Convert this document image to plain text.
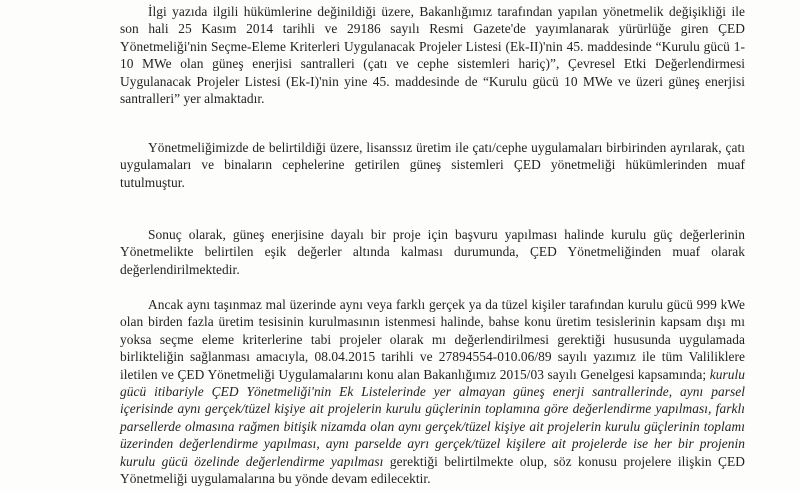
İlgi yazıda ilgili hükümlerine değinildiği üzere, Bakanlığımız tarafından yapılan yönetmelik değişikliği ile son hali 25 Kasım 2014 tarihli ve 29186 sayılı Resmi Gazete'de yayımlanarak yürürlüğe giren ÇED Yönetmeliği'nin Seçme-Eleme Kriterleri Uygulanacak Projeler Listesi (Ek-II)'nin 45. maddesinde “Kurulu gücü 1-10 MWe olan güneş enerjisi santralleri (çatı ve cephe sistemleri hariç)”, Çevresel Etki Değerlendirmesi Uygulanacak Projeler Listesi (Ek-I)'nin yine 45. maddesinde de “Kurulu gücü 10 MWe ve üzeri güneş enerjisi santralleri” yer almaktadır.

Yönetmeliğimizde de belirtildiği üzere, lisanssız üretim ile çatı/cephe uygulamaları birbirinden ayrılarak, çatı uygulamaları ve binaların cephelerine getirilen güneş sistemleri ÇED yönetmeliği hükümlerinden muaf tutulmuştur.

Sonuç olarak, güneş enerjisine dayalı bir proje için başvuru yapılması halinde kurulu güç değerlerinin Yönetmelikte belirtilen eşik değerler altında kalması durumunda, ÇED Yönetmeliğinden muaf olarak değerlendirilmektedir.

Ancak aynı taşınmaz mal üzerinde aynı veya farklı gerçek ya da tüzel kişiler tarafından kurulu gücü 999 kWe olan birden fazla üretim tesisinin kurulmasının istenmesi halinde, bahse konu üretim tesislerinin kapsam dışı mı yoksa seçme eleme kriterlerine tabi projeler olarak mı değerlendirilmesi gerektiği hususunda uygulamada birlikteliğin sağlanması amacıyla, 08.04.2015 tarihli ve 27894554-010.06/89 sayılı yazımız ile tüm Valiliklere iletilen ve ÇED Yönetmeliği Uygulamalarını konu alan Bakanlığımız 2015/03 sayılı Genelgesi kapsamında; kurulu gücü itibariyle ÇED Yönetmeliği'nin Ek Listelerinde yer almayan güneş enerji santrallerinde, aynı parsel içerisinde aynı gerçek/tüzel kişiye ait projelerin kurulu güçlerinin toplamına göre değerlendirme yapılması, farklı parsellerde olmasına rağmen bitişik nizamda olan aynı gerçek/tüzel kişiye ait projelerin kurulu güçlerinin toplamı üzerinden değerlendirme yapılması, aynı parselde ayrı gerçek/tüzel kişilere ait projelerde ise her bir projenin kurulu gücü özelinde değerlendirme yapılması gerektiği belirtilmekte olup, söz konusu projelere ilişkin ÇED Yönetmeliği uygulamalarına bu yönde devam edilecektir.
